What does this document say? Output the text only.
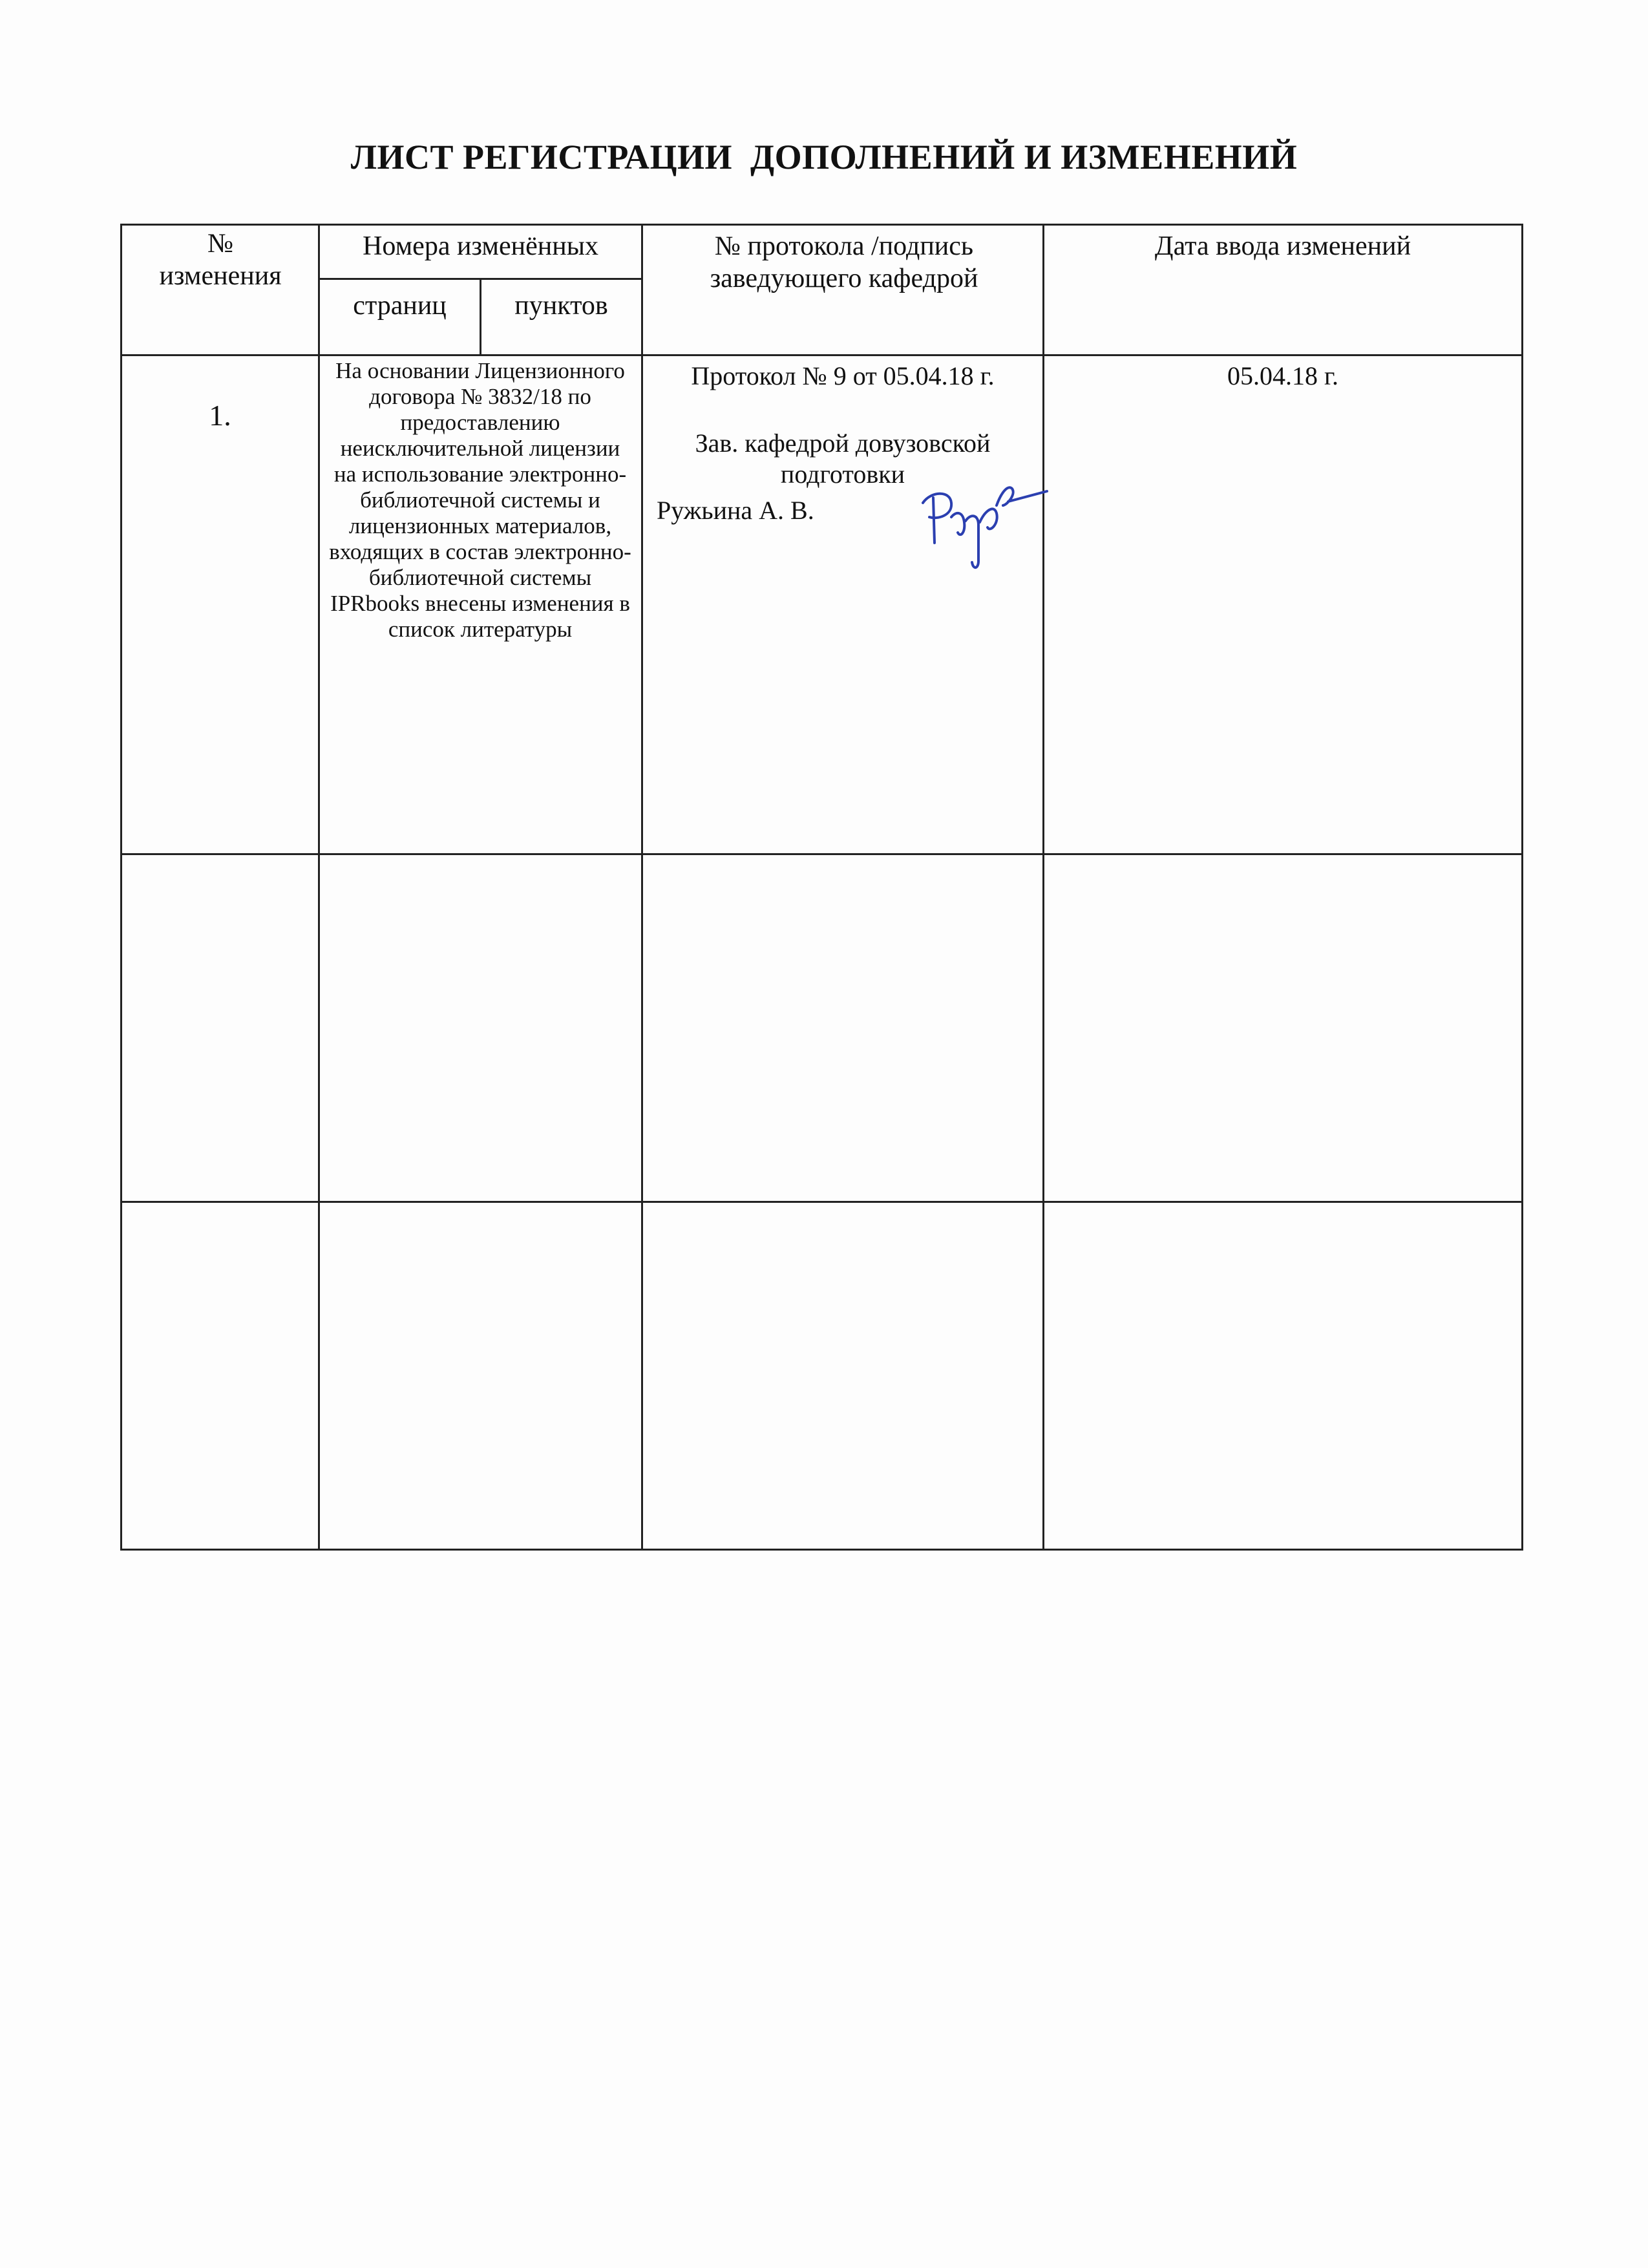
ЛИСТ РЕГИСТРАЦИИ  ДОПОЛНЕНИЙ И ИЗМЕНЕНИЙ
№ изменения
Номера изменённых
страниц	пунктов
№ протокола /подпись заведующего кафедрой
Дата ввода изменений
1.
На основании Лицензионного договора № 3832/18 по предоставлению неисключительной лицензии на использование электронно-библиотечной системы и лицензионных материалов, входящих в состав электронно-библиотечной системы IPRbooks внесены изменения в список литературы
Протокол № 9 от 05.04.18 г.
Зав. кафедрой довузовской подготовки
Ружьина А. В.
05.04.18 г.
